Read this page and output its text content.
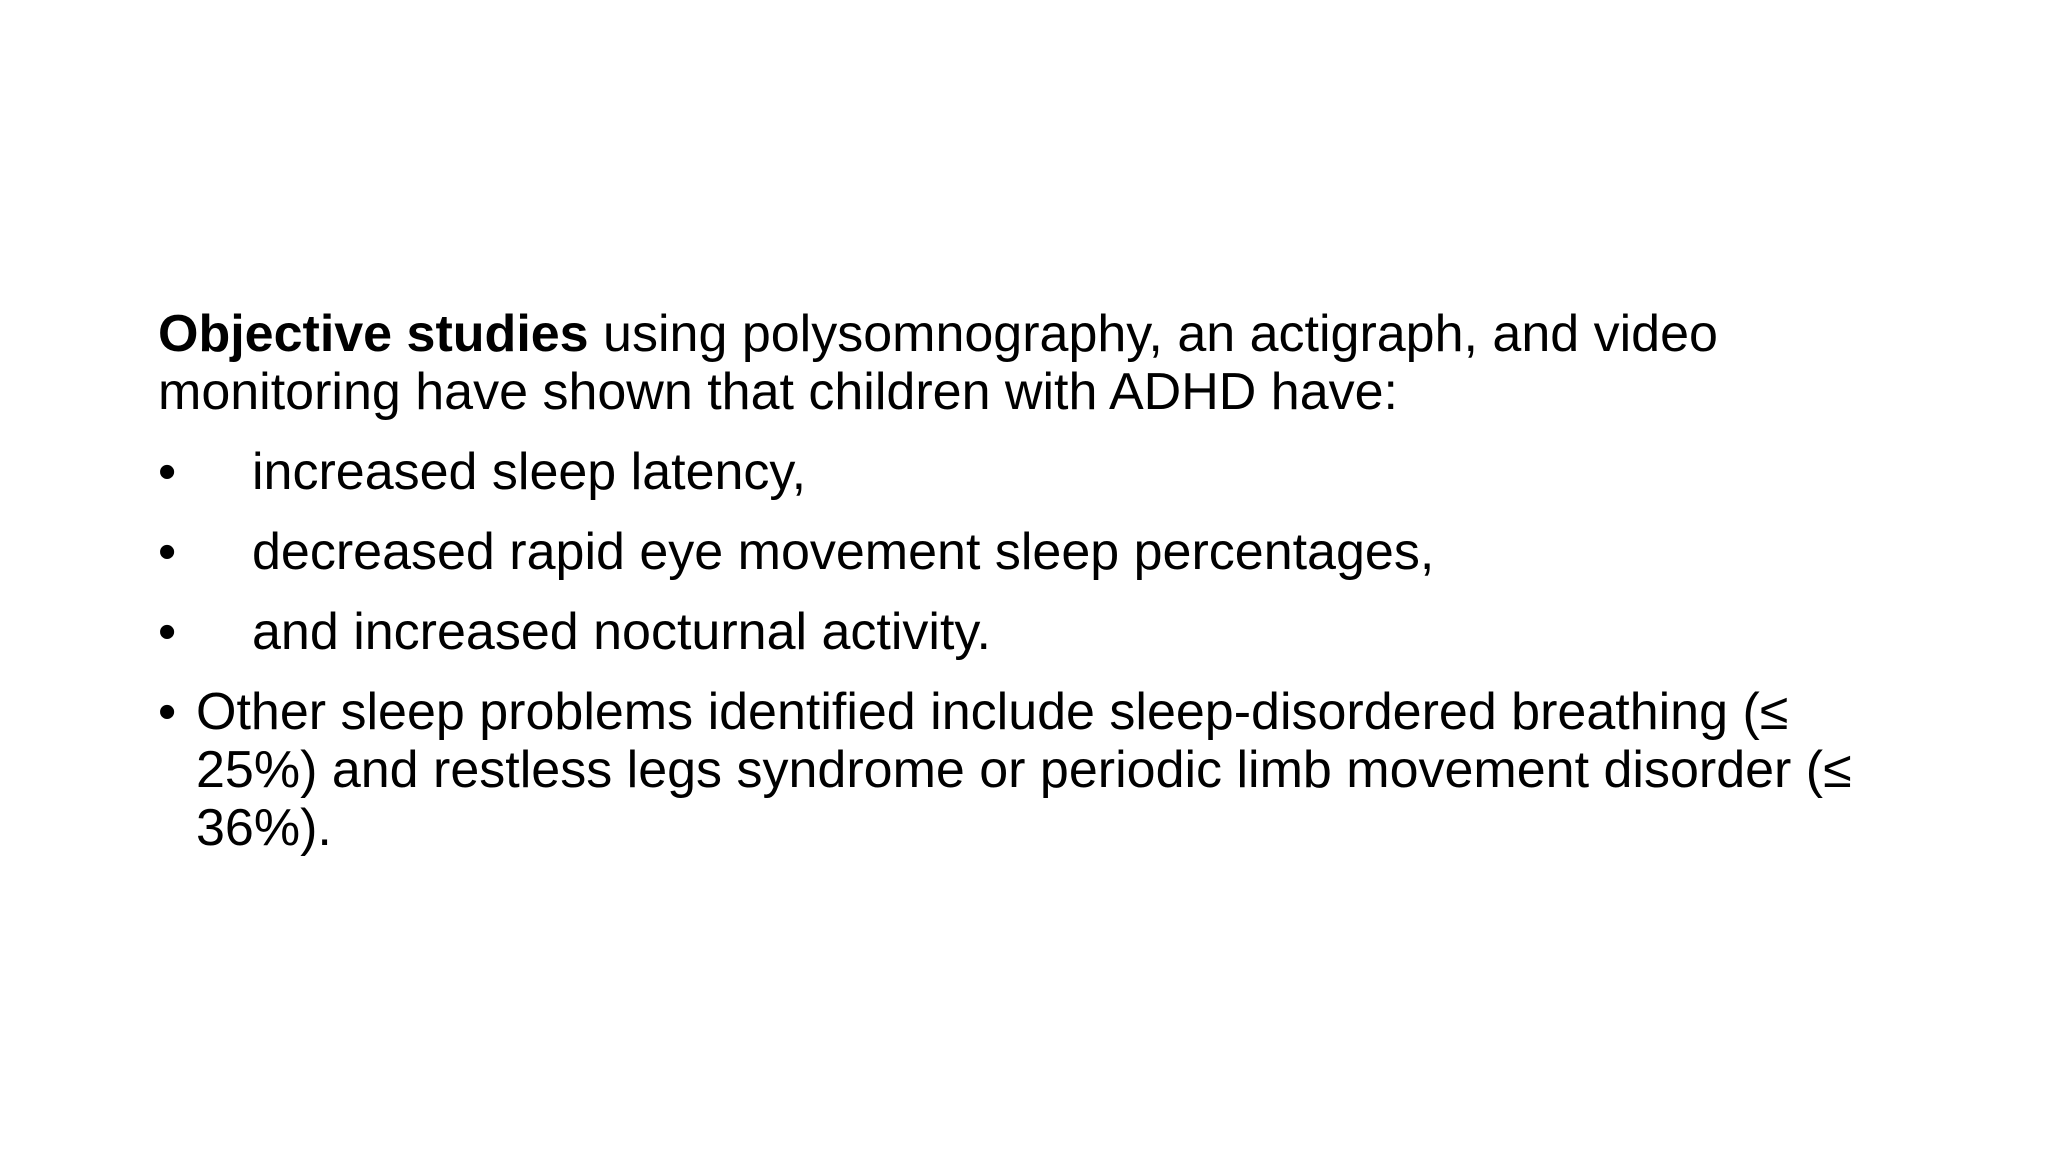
Objective studies using polysomnography, an actigraph, and video monitoring have shown that children with ADHD have:

• increased sleep latency,
• decreased rapid eye movement sleep percentages,
• and increased nocturnal activity.
• Other sleep problems identified include sleep-disordered breathing (≤ 25%) and restless legs syndrome or periodic limb movement disorder (≤ 36%).
